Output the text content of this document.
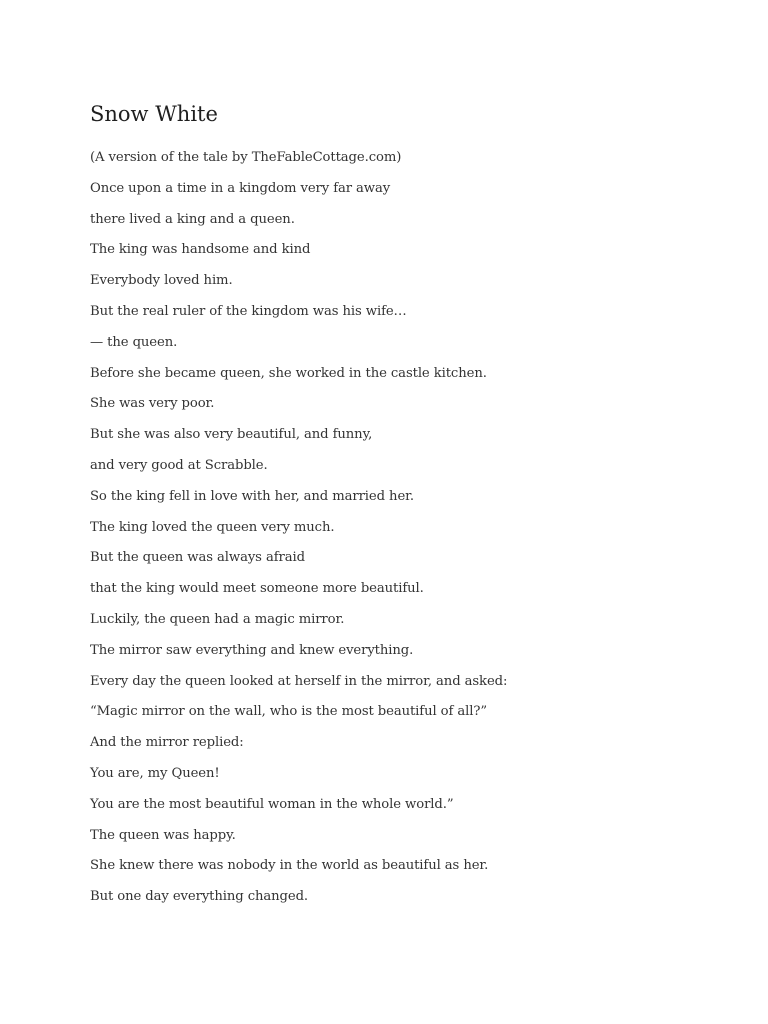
Snow White
(A version of the tale by TheFableCottage.com)
Once upon a time in a kingdom very far away
there lived a king and a queen.
The king was handsome and kind
Everybody loved him.
But the real ruler of the kingdom was his wife…
— the queen.
Before she became queen, she worked in the castle kitchen.
She was very poor.
But she was also very beautiful, and funny,
and very good at Scrabble.
So the king fell in love with her, and married her.
The king loved the queen very much.
But the queen was always afraid
that the king would meet someone more beautiful.
Luckily, the queen had a magic mirror.
The mirror saw everything and knew everything.
Every day the queen looked at herself in the mirror, and asked:
“Magic mirror on the wall, who is the most beautiful of all?”
And the mirror replied:
You are, my Queen!
You are the most beautiful woman in the whole world.”
The queen was happy.
She knew there was nobody in the world as beautiful as her.
But one day everything changed.
